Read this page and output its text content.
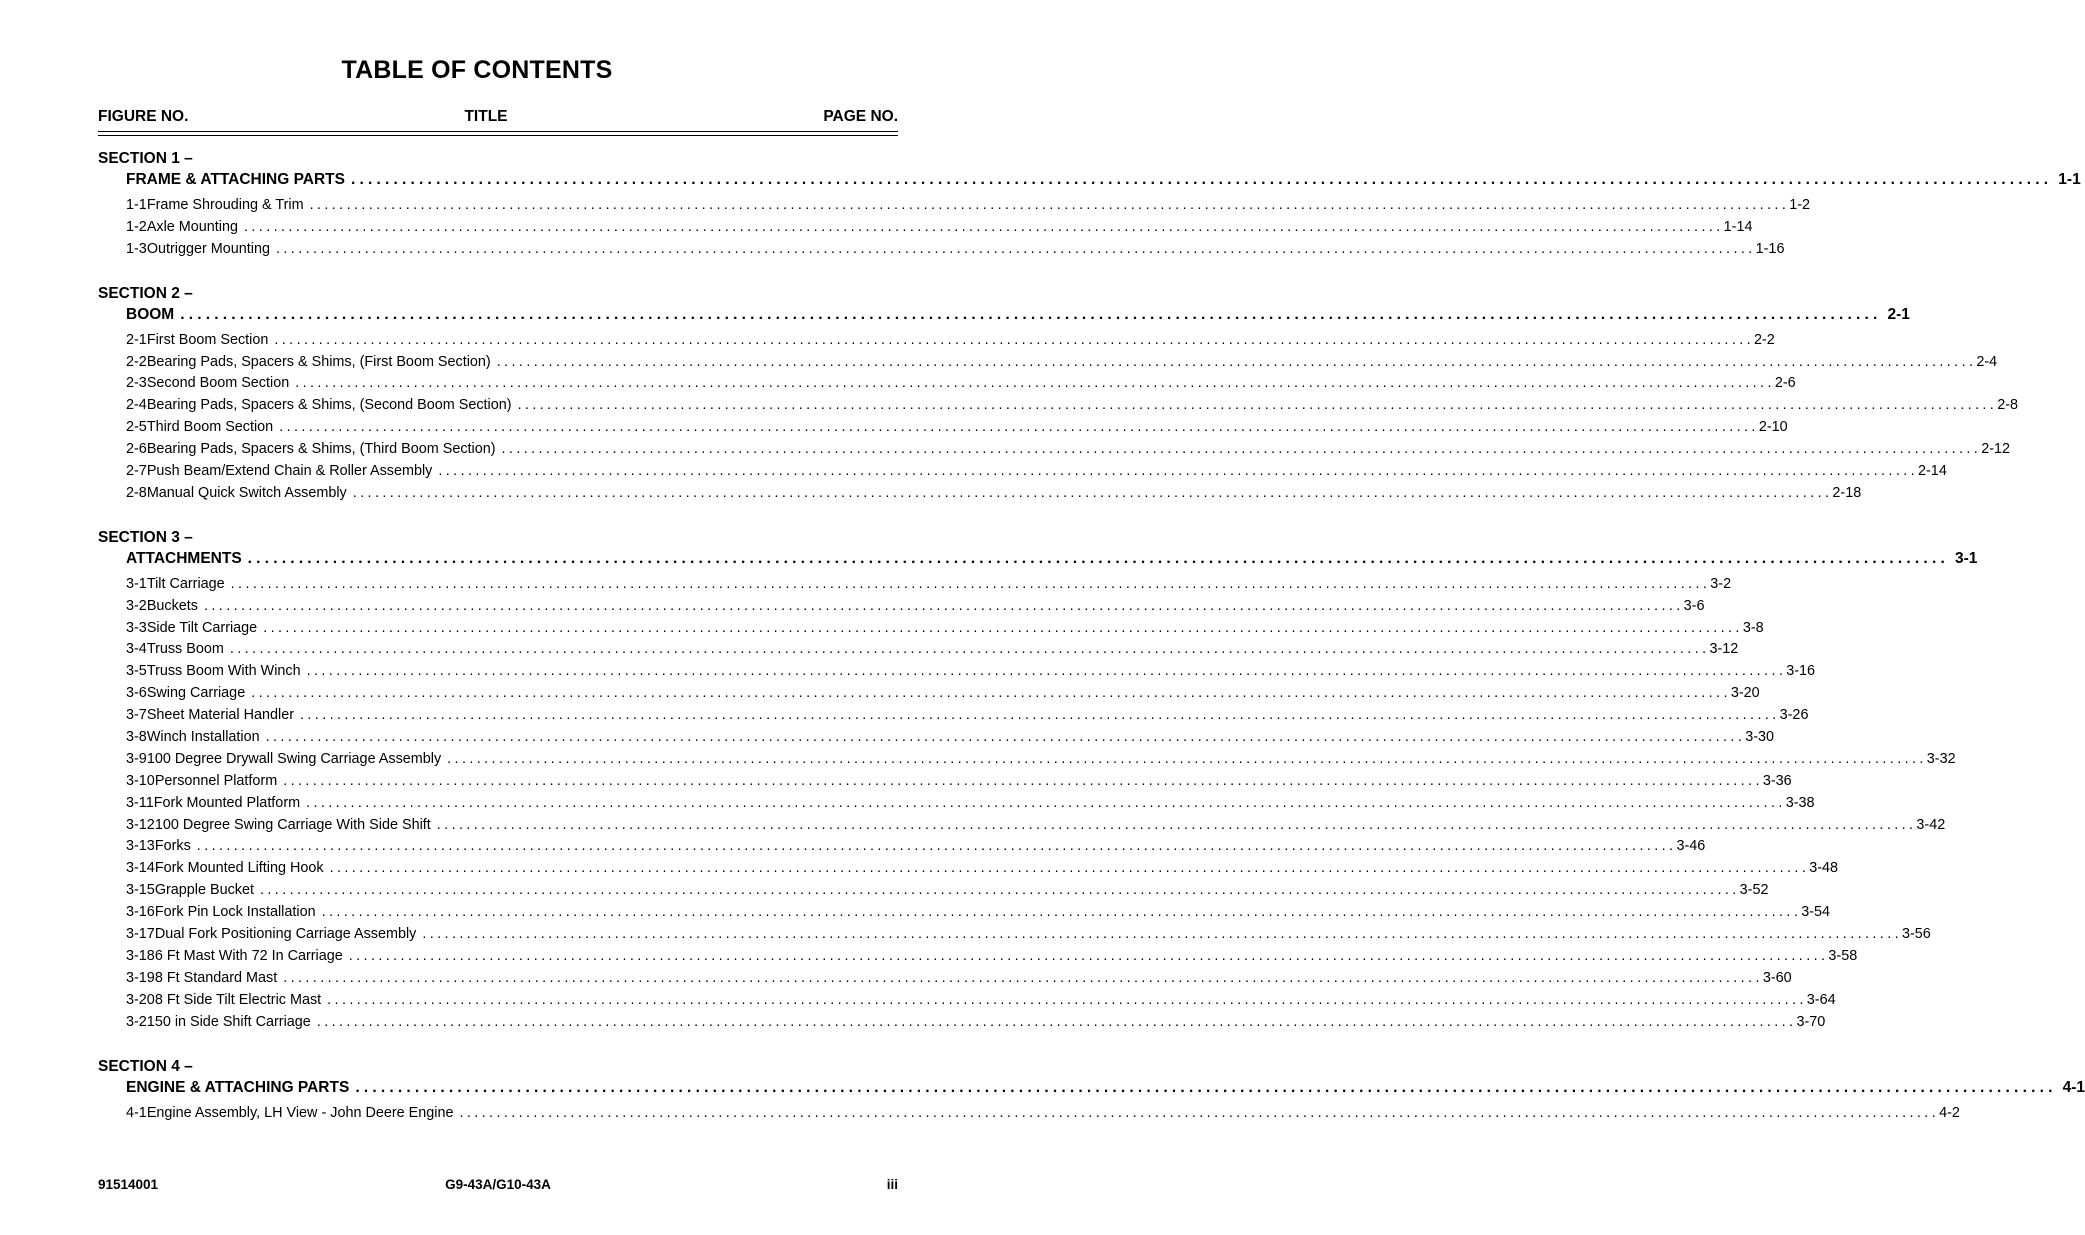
TABLE OF CONTENTS
FIGURE NO.	TITLE	PAGE NO.
SECTION 1 –
FRAME & ATTACHING PARTS ........................................................................................................................................................................................................ 1-1
1-1 Frame Shrouding & Trim ........................................................................................................................................................................................................ 1-2
1-2 Axle Mounting ........................................................................................................................................................................................................ 1-14
1-3 Outrigger Mounting ........................................................................................................................................................................................................ 1-16
SECTION 2 –
BOOM ........................................................................................................................................................................................................ 2-1
2-1 First Boom Section ........................................................................................................................................................................................................ 2-2
2-2 Bearing Pads, Spacers & Shims, (First Boom Section) ........................................................................................................................................................................................................ 2-4
2-3 Second Boom Section ........................................................................................................................................................................................................ 2-6
2-4 Bearing Pads, Spacers & Shims, (Second Boom Section) ........................................................................................................................................................................................................ 2-8
2-5 Third Boom Section ........................................................................................................................................................................................................ 2-10
2-6 Bearing Pads, Spacers & Shims, (Third Boom Section) ........................................................................................................................................................................................................ 2-12
2-7 Push Beam/Extend Chain & Roller Assembly ........................................................................................................................................................................................................ 2-14
2-8 Manual Quick Switch Assembly ........................................................................................................................................................................................................ 2-18
SECTION 3 –
ATTACHMENTS ........................................................................................................................................................................................................ 3-1
3-1 Tilt Carriage ........................................................................................................................................................................................................ 3-2
3-2 Buckets ........................................................................................................................................................................................................ 3-6
3-3 Side Tilt Carriage ........................................................................................................................................................................................................ 3-8
3-4 Truss Boom ........................................................................................................................................................................................................ 3-12
3-5 Truss Boom With Winch ........................................................................................................................................................................................................ 3-16
3-6 Swing Carriage ........................................................................................................................................................................................................ 3-20
3-7 Sheet Material Handler ........................................................................................................................................................................................................ 3-26
3-8 Winch Installation ........................................................................................................................................................................................................ 3-30
3-9 100 Degree Drywall Swing Carriage Assembly ........................................................................................................................................................................................................ 3-32
3-10 Personnel Platform ........................................................................................................................................................................................................ 3-36
3-11 Fork Mounted Platform ........................................................................................................................................................................................................ 3-38
3-12 100 Degree Swing Carriage With Side Shift ........................................................................................................................................................................................................ 3-42
3-13 Forks ........................................................................................................................................................................................................ 3-46
3-14 Fork Mounted Lifting Hook ........................................................................................................................................................................................................ 3-48
3-15 Grapple Bucket ........................................................................................................................................................................................................ 3-52
3-16 Fork Pin Lock Installation ........................................................................................................................................................................................................ 3-54
3-17 Dual Fork Positioning Carriage Assembly ........................................................................................................................................................................................................ 3-56
3-18 6 Ft Mast With 72 In Carriage ........................................................................................................................................................................................................ 3-58
3-19 8 Ft Standard Mast ........................................................................................................................................................................................................ 3-60
3-20 8 Ft Side Tilt Electric Mast ........................................................................................................................................................................................................ 3-64
3-21 50 in Side Shift Carriage ........................................................................................................................................................................................................ 3-70
SECTION 4 –
ENGINE & ATTACHING PARTS ........................................................................................................................................................................................................ 4-1
4-1 Engine Assembly, LH View - John Deere Engine ........................................................................................................................................................................................................ 4-2
91514001	G9-43A/G10-43A	iii
